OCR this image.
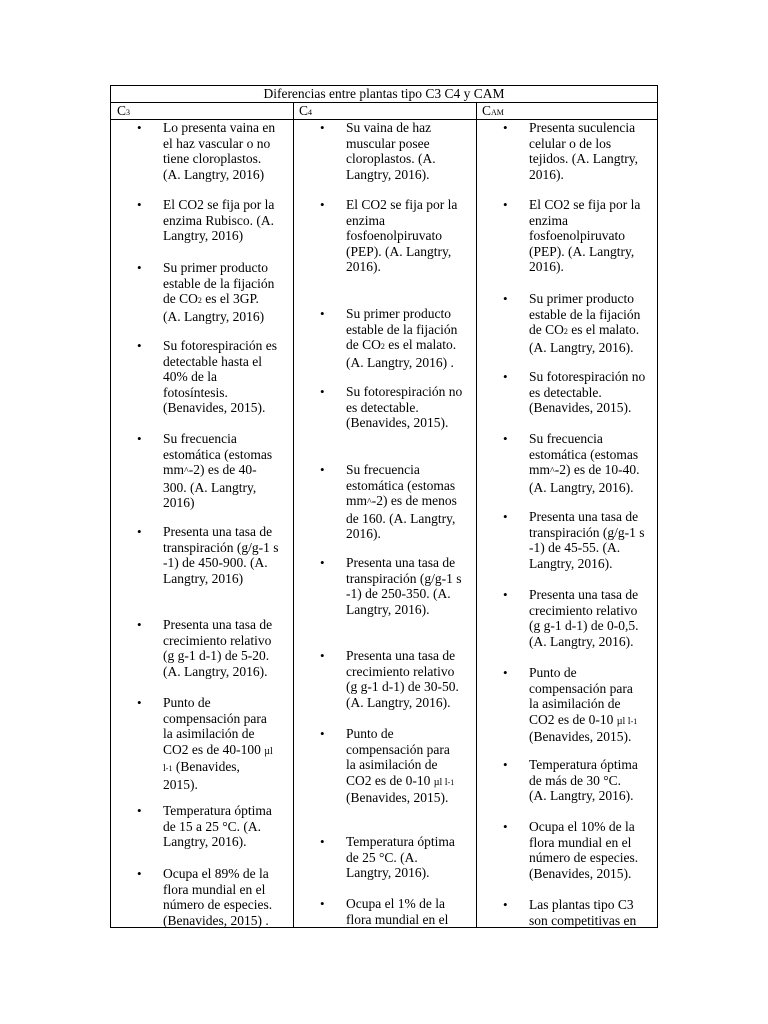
Diferencias entre plantas tipo C3 C4 y CAM
C3	C4	CAM
• Lo presenta vaina en
el haz vascular o no
tiene cloroplastos.
(A. Langtry, 2016)
• El CO2 se fija por la
enzima Rubisco. (A.
Langtry, 2016)
• Su primer producto
estable de la fijación
de CO2 es el 3GP.
(A. Langtry, 2016)
• Su fotorespiración es
detectable hasta el
40% de la
fotosíntesis.
(Benavides, 2015).
• Su frecuencia
estomática (estomas
mm^-2) es de 40-
300. (A. Langtry,
2016)
• Presenta una tasa de
transpiración (g/g-1 s
-1) de 450-900. (A.
Langtry, 2016)
• Presenta una tasa de
crecimiento relativo
(g g-1 d-1) de 5-20.
(A. Langtry, 2016).
• Punto de
compensación para
la asimilación de
CO2 es de 40-100 µl
l-1 (Benavides,
2015).
• Temperatura óptima
de 15 a 25 °C. (A.
Langtry, 2016).
• Ocupa el 89% de la
flora mundial en el
número de especies.
(Benavides, 2015) .
• Su vaina de haz
muscular posee
cloroplastos. (A.
Langtry, 2016).
• El CO2 se fija por la
enzima
fosfoenolpiruvato
(PEP). (A. Langtry,
2016).
• Su primer producto
estable de la fijación
de CO2 es el malato.
(A. Langtry, 2016) .
• Su fotorespiración no
es detectable.
(Benavides, 2015).
• Su frecuencia
estomática (estomas
mm^-2) es de menos
de 160. (A. Langtry,
2016).
• Presenta una tasa de
transpiración (g/g-1 s
-1) de 250-350. (A.
Langtry, 2016).
• Presenta una tasa de
crecimiento relativo
(g g-1 d-1) de 30-50.
(A. Langtry, 2016).
• Punto de
compensación para
la asimilación de
CO2 es de 0-10 µl l-1
(Benavides, 2015).
• Temperatura óptima
de 25 °C. (A.
Langtry, 2016).
• Ocupa el 1% de la
flora mundial en el
• Presenta suculencia
celular o de los
tejidos. (A. Langtry,
2016).
• El CO2 se fija por la
enzima
fosfoenolpiruvato
(PEP). (A. Langtry,
2016).
• Su primer producto
estable de la fijación
de CO2 es el malato.
(A. Langtry, 2016).
• Su fotorespiración no
es detectable.
(Benavides, 2015).
• Su frecuencia
estomática (estomas
mm^-2) es de 10-40.
(A. Langtry, 2016).
• Presenta una tasa de
transpiración (g/g-1 s
-1) de 45-55. (A.
Langtry, 2016).
• Presenta una tasa de
crecimiento relativo
(g g-1 d-1) de 0-0,5.
(A. Langtry, 2016).
• Punto de
compensación para
la asimilación de
CO2 es de 0-10 µl l-1
(Benavides, 2015).
• Temperatura óptima
de más de 30 °C.
(A. Langtry, 2016).
• Ocupa el 10% de la
flora mundial en el
número de especies.
(Benavides, 2015).
• Las plantas tipo C3
son competitivas en
